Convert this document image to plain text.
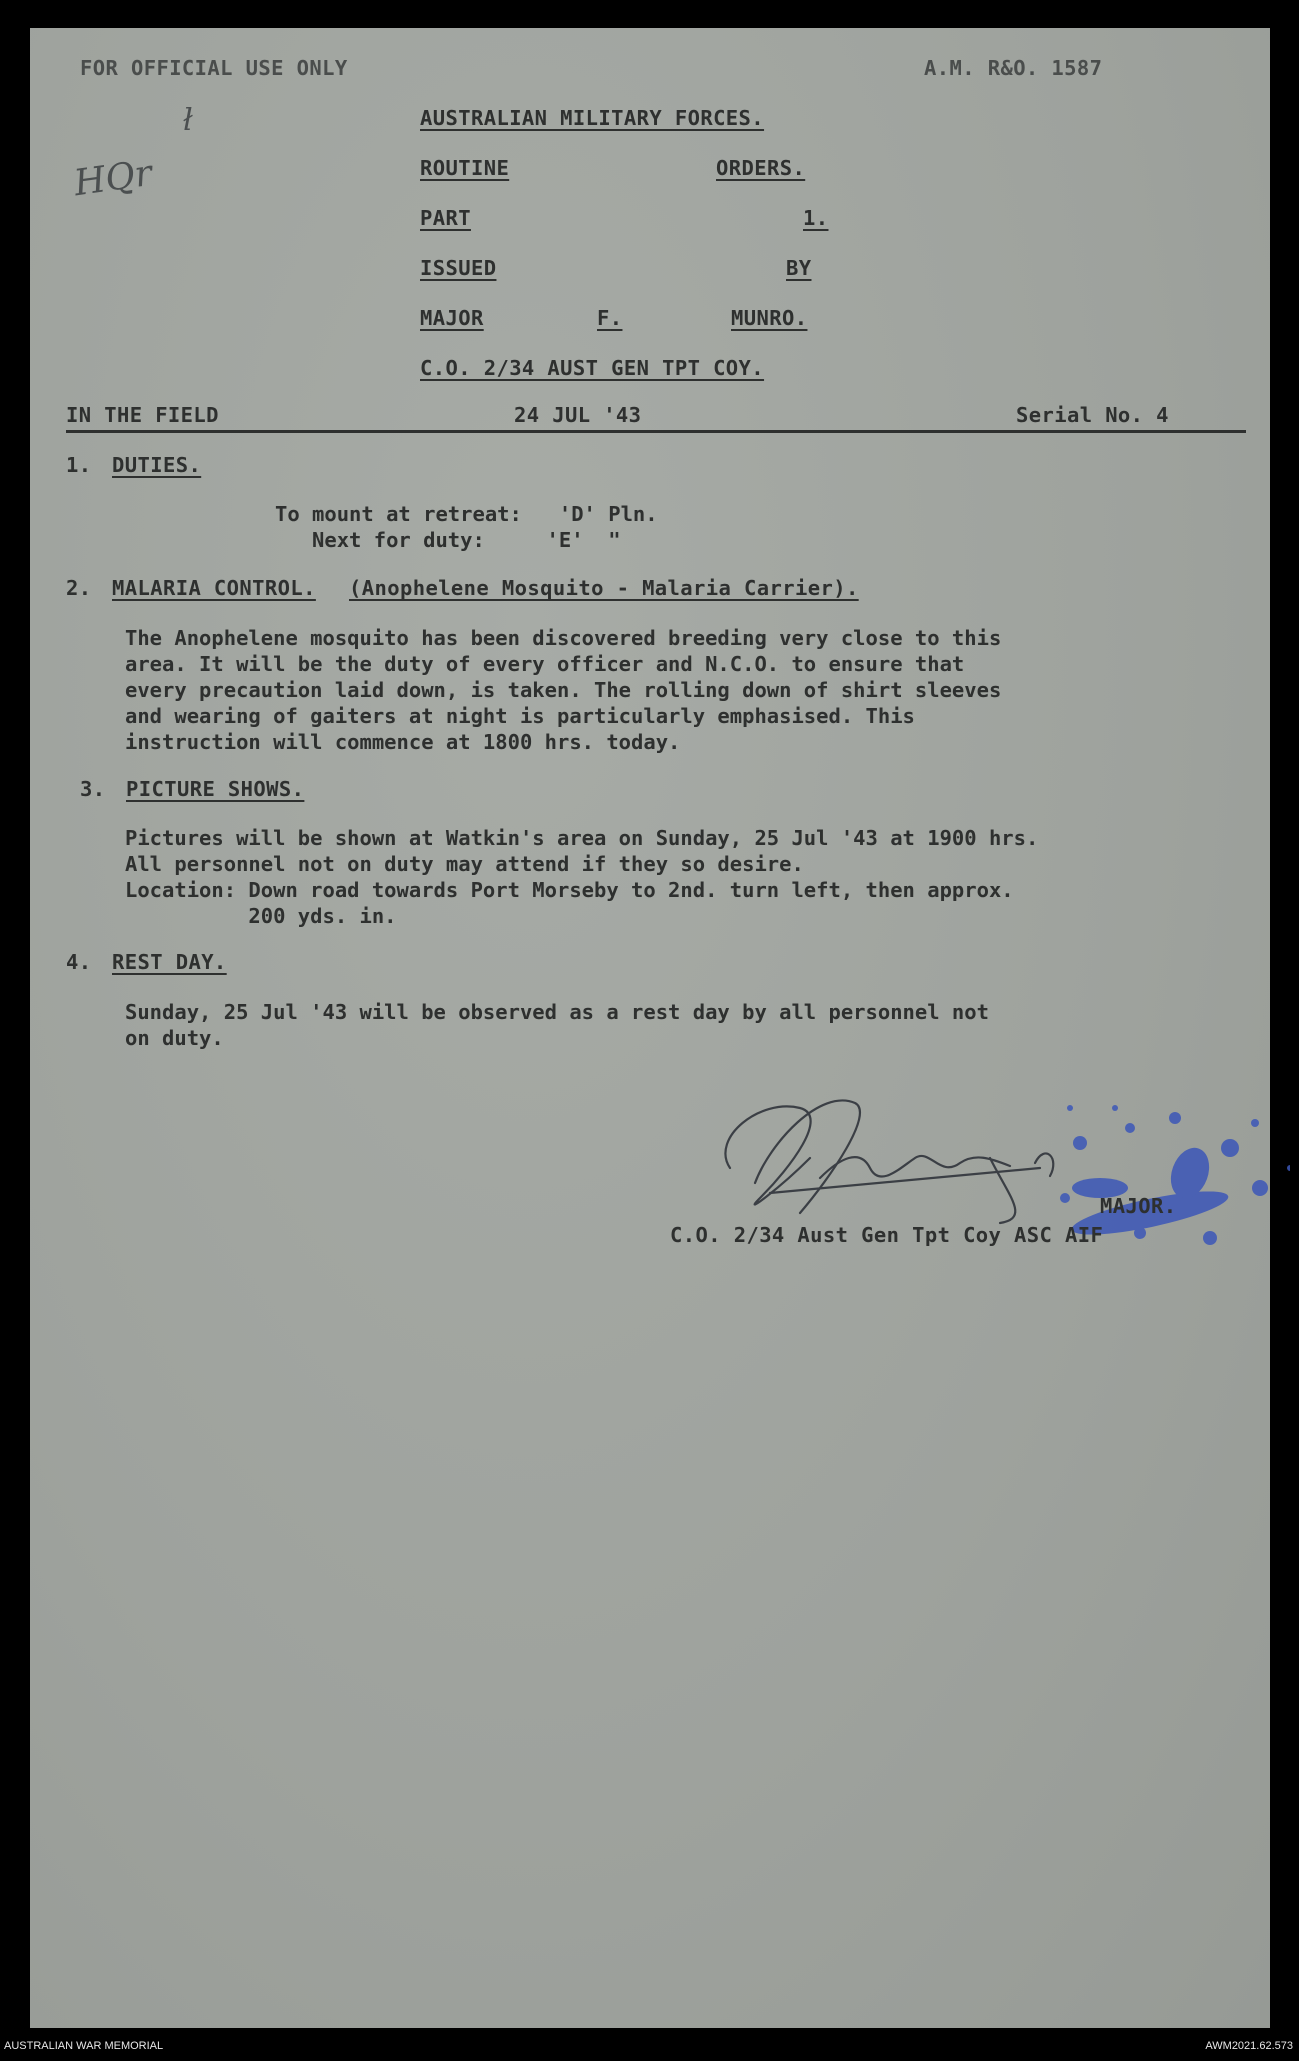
FOR OFFICIAL USE ONLY	A.M. R&O. 1587
HQr
ł	AUSTRALIAN MILITARY FORCES.
ROUTINE	ORDERS.
PART	1.
ISSUED	BY
MAJOR	F.	MUNRO.
C.O. 2/34 AUST GEN TPT COY.
IN THE FIELD	24 JUL '43	Serial No. 4
1. DUTIES.
To mount at retreat:   'D' Pln.
Next for duty:     'E'  "
2. MALARIA CONTROL. (Anophelene Mosquito - Malaria Carrier).
The Anophelene mosquito has been discovered breeding very close to this
area. It will be the duty of every officer and N.C.O. to ensure that
every precaution laid down, is taken. The rolling down of shirt sleeves
and wearing of gaiters at night is particularly emphasised. This
instruction will commence at 1800 hrs. today.
3. PICTURE SHOWS.
Pictures will be shown at Watkin's area on Sunday, 25 Jul '43 at 1900 hrs.
All personnel not on duty may attend if they so desire.
Location: Down road towards Port Morseby to 2nd. turn left, then approx.
200 yds. in.
4. REST DAY.
Sunday, 25 Jul '43 will be observed as a rest day by all personnel not
on duty.
MAJOR.
C.O. 2/34 Aust Gen Tpt Coy ASC AIF
AUSTRALIAN WAR MEMORIAL	AWM2021.62.573
